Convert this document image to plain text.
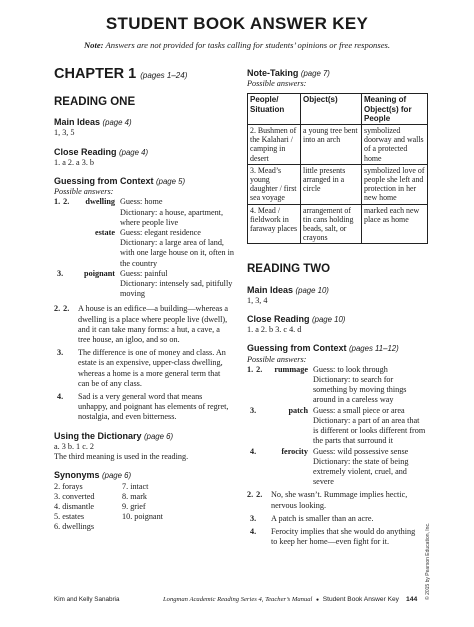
STUDENT BOOK ANSWER KEY
Note: Answers are not provided for tasks calling for students’ opinions or free responses.
CHAPTER 1 (pages 1–24)
READING ONE
Main Ideas (page 4)
1, 3, 5
Close Reading (page 4)
1. a 2. a 3. b
Guessing from Context (page 5)
Possible answers:
1. 2.	dwelling Guess: home
Dictionary: a house, apartment,
where people live
estate Guess: elegant residence
Dictionary: a large area of land,
with one large house on it, often in
the country
3.	poignant Guess: painful
Dictionary: intensely sad, pitifully
moving
2. 2.	A house is an edifice—a building—whereas a
dwelling is a place where people live (dwell),
and it can take many forms: a hut, a cave, a
tree house, an igloo, and so on.
3.	The difference is one of money and class. An
estate is an expensive, upper-class dwelling,
whereas a home is a more general term that
can be of any class.
4.	Sad is a very general word that means
unhappy, and poignant has elements of regret,
nostalgia, and even bitterness.
Using the Dictionary (page 6)
a. 3 b. 1 c. 2
The third meaning is used in the reading.
Synonyms (page 6)
2. forays	7. intact
3. converted	8. mark
4. dismantle	9. grief
5. estates	10. poignant
6. dwellings
Note-Taking (page 7)
Possible answers:
People/ Situation	Object(s)	Meaning of Object(s) for People
2. Bushmen of the Kalahari / camping in desert	a young tree bent into an arch	symbolized doorway and walls of a protected home
3. Mead’s young daughter / first sea voyage	little presents arranged in a circle	symbolized love of people she left and protection in her new home
4. Mead / fieldwork in faraway places	arrangement of tin cans holding beads, salt, or crayons	marked each new place as home
READING TWO
Main Ideas (page 10)
1, 3, 4
Close Reading (page 10)
1. a 2. b 3. c 4. d
Guessing from Context (pages 11–12)
Possible answers:
1. 2.	rummage Guess: to look through
Dictionary: to search for
something by moving things
around in a careless way
3.	patch Guess: a small piece or area
Dictionary: a part of an area that
is different or looks different from
the parts that surround it
4.	ferocity Guess: wild possessive sense
Dictionary: the state of being
extremely violent, cruel, and
severe
2. 2.	No, she wasn’t. Rummage implies hectic,
nervous looking.
3.	A patch is smaller than an acre.
4.	Ferocity implies that she would do anything
to keep her home—even fight for it.
Kim and Kelly Sanabria	Longman Academic Reading Series 4, Teacher’s Manual ● Student Book Answer Key 144 © 2015 by Pearson Education, Inc.
